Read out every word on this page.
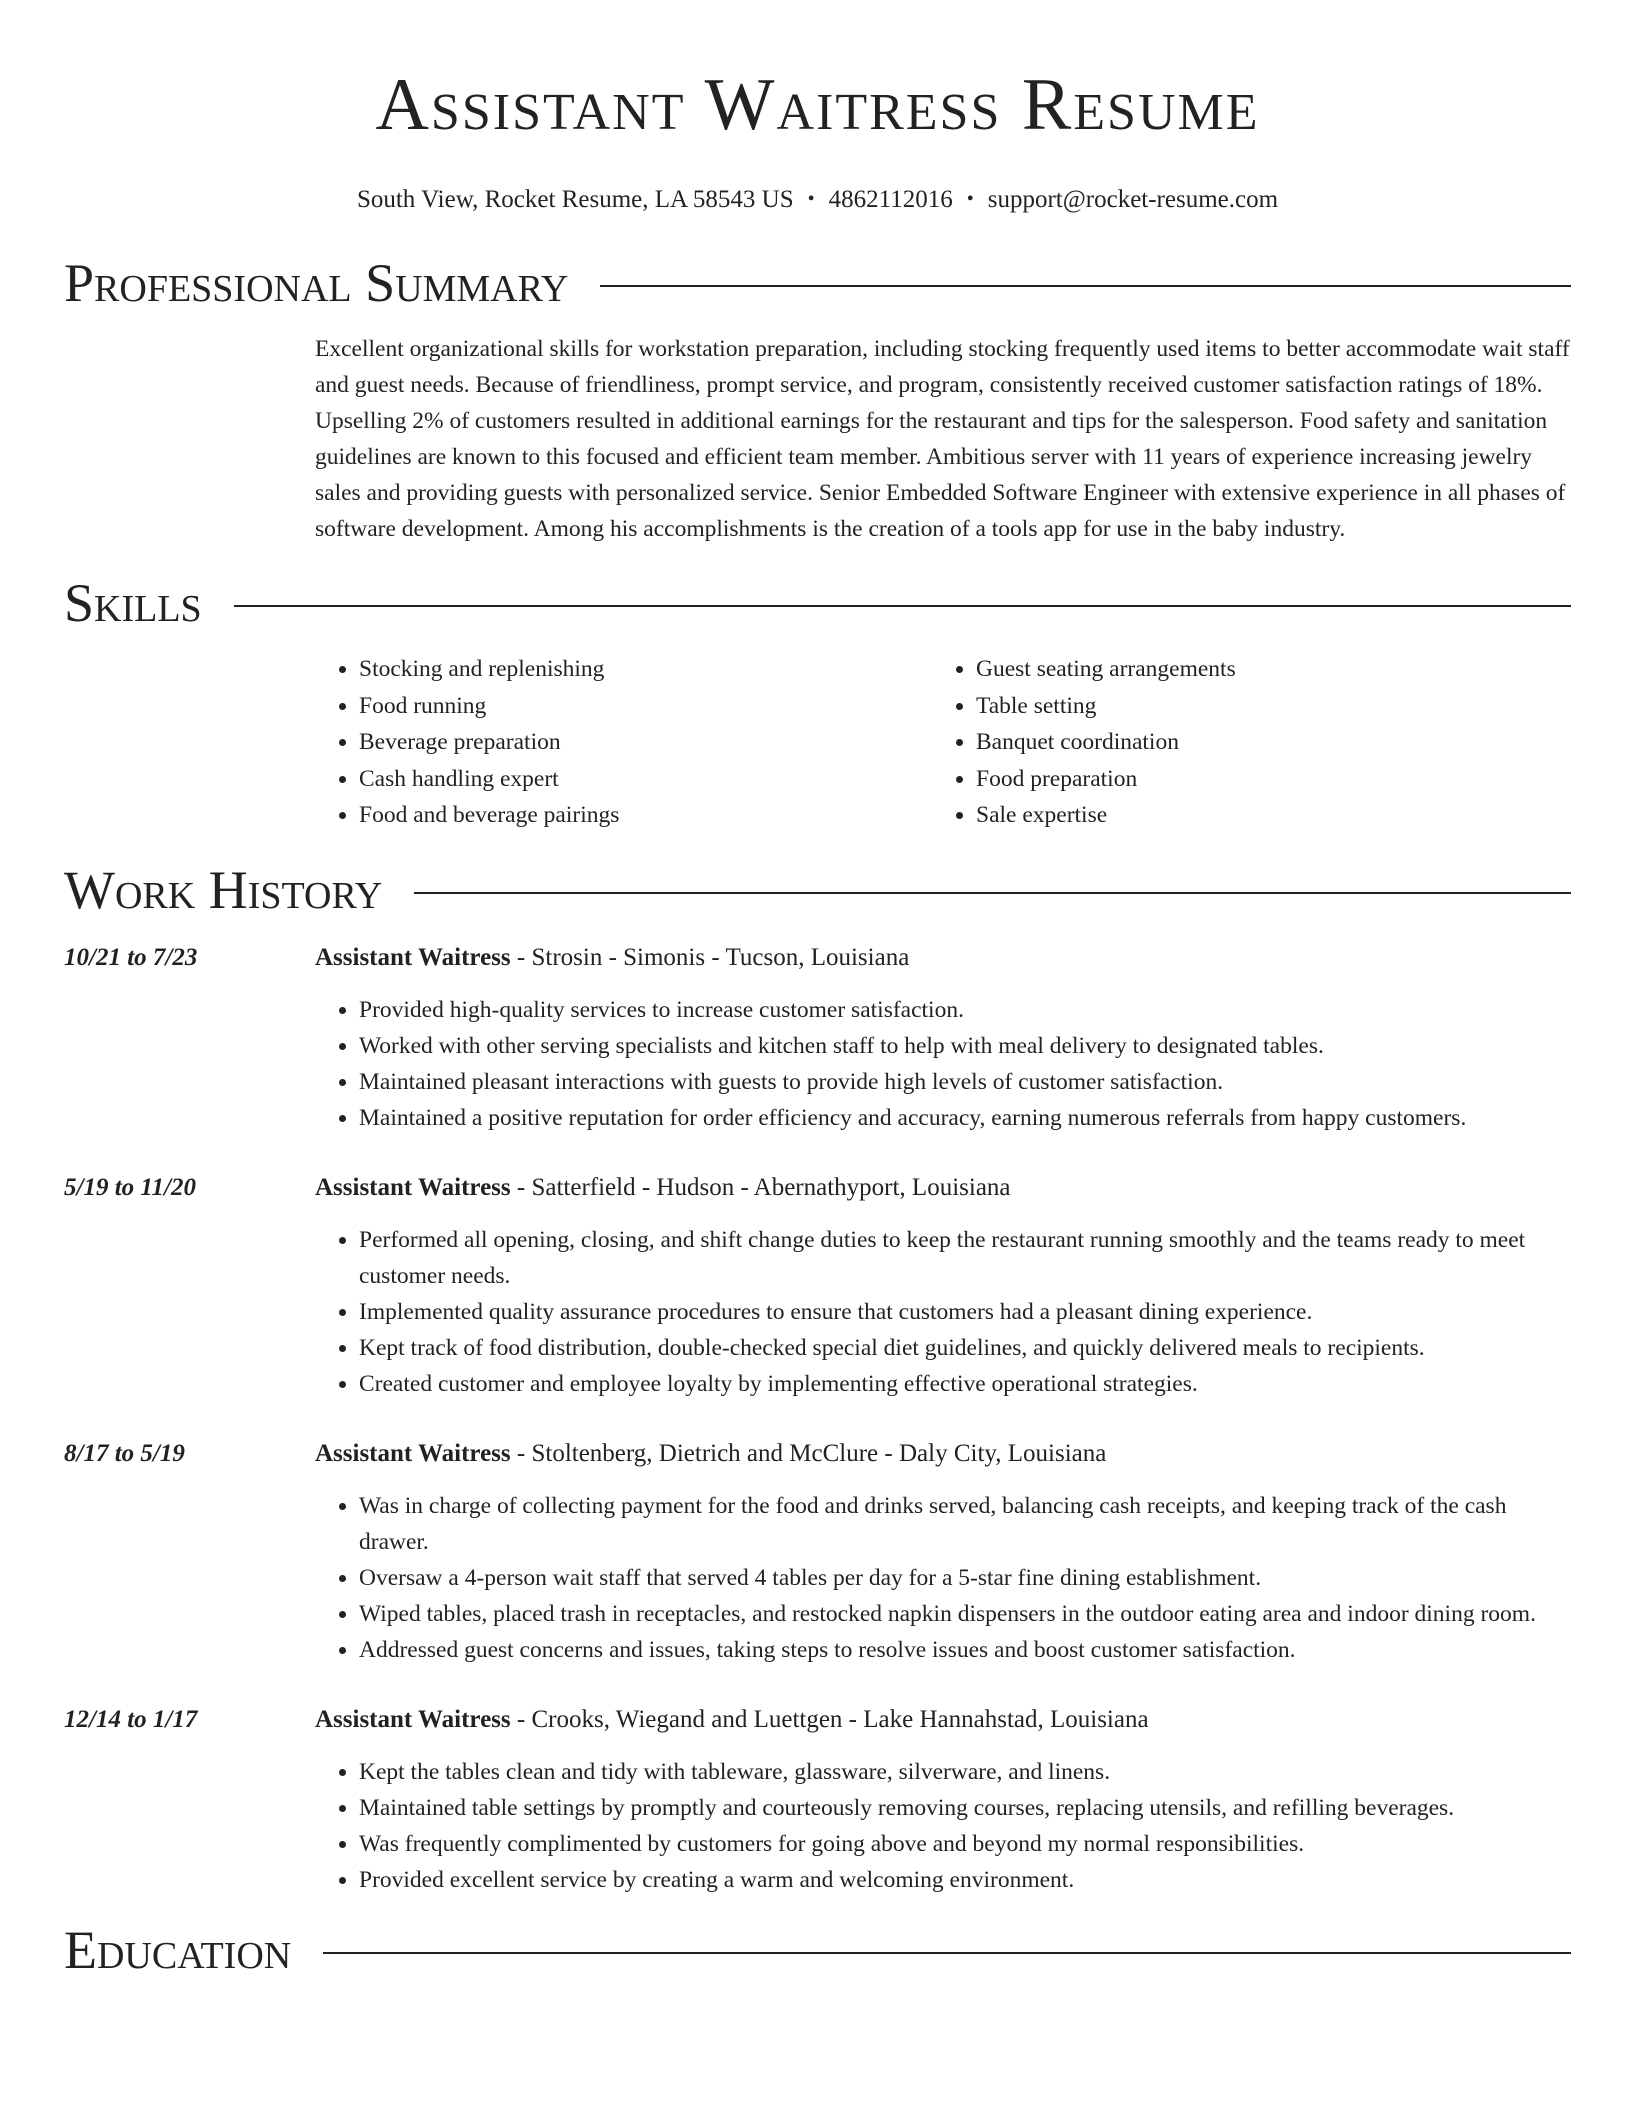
Assistant Waitress Resume
South View, Rocket Resume, LA 58543 US • 4862112016 • support@rocket-resume.com
Professional Summary

Excellent organizational skills for workstation preparation, including stocking frequently used items to better accommodate wait staff and guest needs. Because of friendliness, prompt service, and program, consistently received customer satisfaction ratings of 18%. Upselling 2% of customers resulted in additional earnings for the restaurant and tips for the salesperson. Food safety and sanitation guidelines are known to this focused and efficient team member. Ambitious server with 11 years of experience increasing jewelry sales and providing guests with personalized service. Senior Embedded Software Engineer with extensive experience in all phases of software development. Among his accomplishments is the creation of a tools app for use in the baby industry.

Skills
• Stocking and replenishing
• Food running
• Beverage preparation
• Cash handling expert
• Food and beverage pairings
• Guest seating arrangements
• Table setting
• Banquet coordination
• Food preparation
• Sale expertise
Work History
10/21 to 7/23	Assistant Waitress - Strosin - Simonis - Tucson, Louisiana
• Provided high-quality services to increase customer satisfaction.
• Worked with other serving specialists and kitchen staff to help with meal delivery to designated tables.
• Maintained pleasant interactions with guests to provide high levels of customer satisfaction.
• Maintained a positive reputation for order efficiency and accuracy, earning numerous referrals from happy customers.
5/19 to 11/20	Assistant Waitress - Satterfield - Hudson - Abernathyport, Louisiana
• Performed all opening, closing, and shift change duties to keep the restaurant running smoothly and the teams ready to meet customer needs.
• Implemented quality assurance procedures to ensure that customers had a pleasant dining experience.
• Kept track of food distribution, double-checked special diet guidelines, and quickly delivered meals to recipients.
• Created customer and employee loyalty by implementing effective operational strategies.
8/17 to 5/19	Assistant Waitress - Stoltenberg, Dietrich and McClure - Daly City, Louisiana
• Was in charge of collecting payment for the food and drinks served, balancing cash receipts, and keeping track of the cash drawer.
• Oversaw a 4-person wait staff that served 4 tables per day for a 5-star fine dining establishment.
• Wiped tables, placed trash in receptacles, and restocked napkin dispensers in the outdoor eating area and indoor dining room.
• Addressed guest concerns and issues, taking steps to resolve issues and boost customer satisfaction.
12/14 to 1/17	Assistant Waitress - Crooks, Wiegand and Luettgen - Lake Hannahstad, Louisiana
• Kept the tables clean and tidy with tableware, glassware, silverware, and linens.
• Maintained table settings by promptly and courteously removing courses, replacing utensils, and refilling beverages.
• Was frequently complimented by customers for going above and beyond my normal responsibilities.
• Provided excellent service by creating a warm and welcoming environment.
Education
